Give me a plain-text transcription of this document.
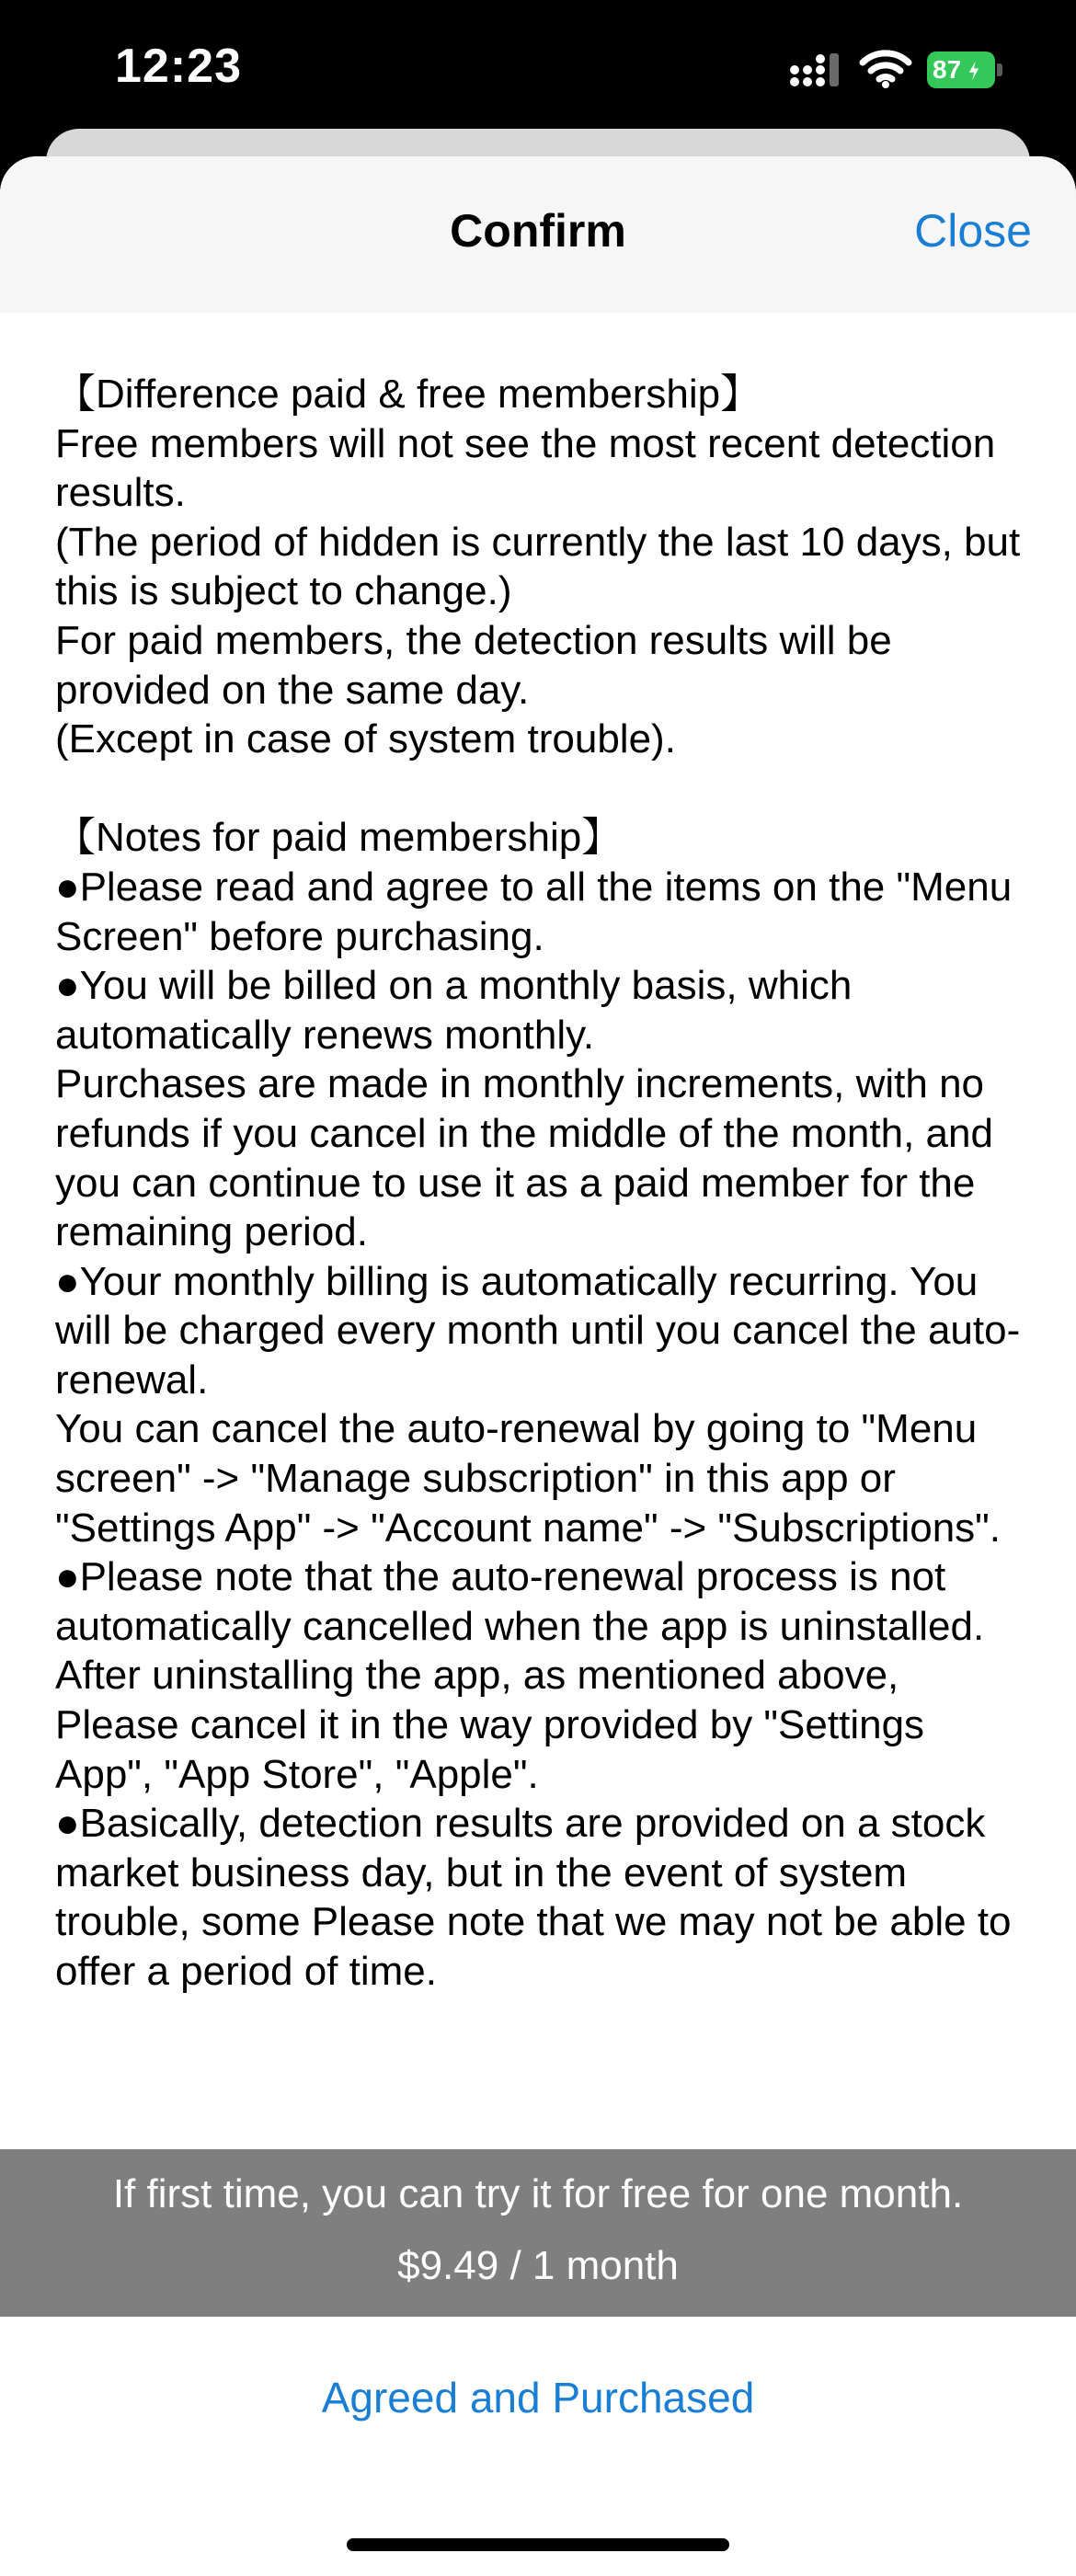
12:23	87
Confirm	Close

【Difference paid & free membership】

Free members will not see the most recent detection results.

(The period of hidden is currently the last 10 days, but this is subject to change.)

For paid members, the detection results will be provided on the same day.

(Except in case of system trouble).

【Notes for paid membership】

●Please read and agree to all the items on the "Menu Screen" before purchasing.

●You will be billed on a monthly basis, which automatically renews monthly.

Purchases are made in monthly increments, with no refunds if you cancel in the middle of the month, and you can continue to use it as a paid member for the remaining period.

●Your monthly billing is automatically recurring. You will be charged every month until you cancel the auto-renewal.

You can cancel the auto-renewal by going to "Menu screen" -> "Manage subscription" in this app or "Settings App" -> "Account name" -> "Subscriptions".

●Please note that the auto-renewal process is not automatically cancelled when the app is uninstalled.

After uninstalling the app, as mentioned above, Please cancel it in the way provided by "Settings App", "App Store", "Apple".

●Basically, detection results are provided on a stock market business day, but in the event of system trouble, some Please note that we may not be able to offer a period of time.

If first time, you can try it for free for one month.
$9.49 / 1 month
Agreed and Purchased
